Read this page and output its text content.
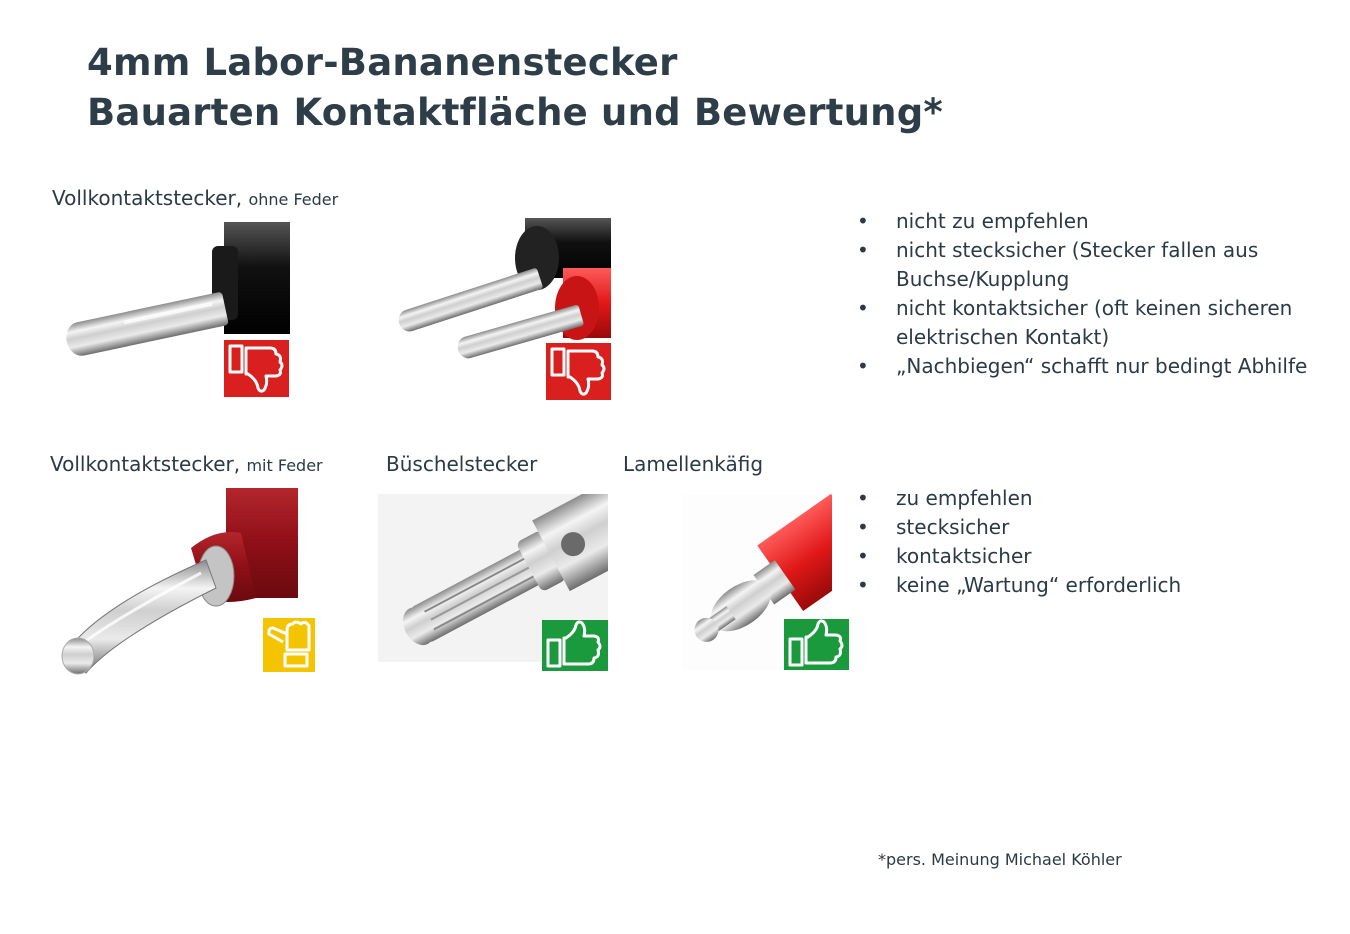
4mm Labor-Bananenstecker
Bauarten Kontaktfläche und Bewertung*
Vollkontaktstecker, ohne Feder
• nicht zu empfehlen
• nicht stecksicher (Stecker fallen aus Buchse/Kupplung
• nicht kontaktsicher (oft keinen sicheren elektrischen Kontakt)
• „Nachbiegen“ schafft nur bedingt Abhilfe
Vollkontaktstecker, mit Feder	Büschelstecker	Lamellenkäfig
• zu empfehlen
• stecksicher
• kontaktsicher
• keine „Wartung“ erforderlich
*pers. Meinung Michael Köhler
